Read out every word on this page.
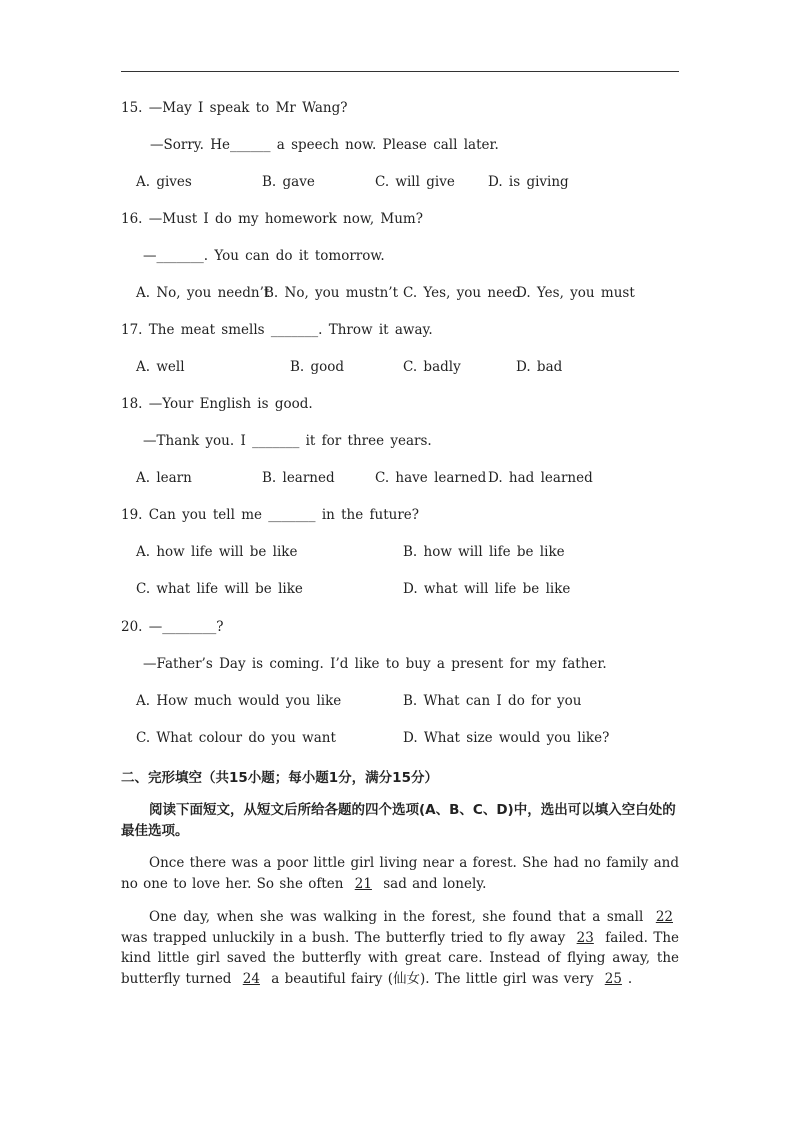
15. —May I speak to Mr Wang?
—Sorry. He______ a speech now. Please call later.
A. gives	B. gave	C. will give D. is giving
16. —Must I do my homework now, Mum?
—_______. You can do it tomorrow.
A. No, you needn’t
B. No, you mustn’t C. Yes, you need
D. Yes, you must
17. The meat smells _______. Throw it away.
A. well	B. good	C. badly	D. bad
18. —Your English is good.
—Thank you. I _______ it for three years.
A. learn	B. learned	C. have learned D. had learned
19. Can you tell me _______ in the future?
A. how life will be like	B. how will life be like
C. what life will be like	D. what will life be like
20. —________?
—Father’s Day is coming. I’d like to buy a present for my father.
A. How much would you like	B. What can I do for you
C. What colour do you want	D. What size would you like?
二、完形填空（共15小题；每小题1分，满分15分）
阅读下面短文，从短文后所给各题的四个选项(A、B、C、D)中，选出可以填入空白处的最佳选项。
Once there was a poor little girl living near a forest. She had no family and no one to love her. So she often 21 sad and lonely.
One day, when she was walking in the forest, she found that a small 22 was trapped unluckily in a bush. The butterfly tried to fly away 23 failed. The kind little girl saved the butterfly with great care. Instead of flying away, the butterfly turned 24 a beautiful fairy (仙女). The little girl was very 25 .
